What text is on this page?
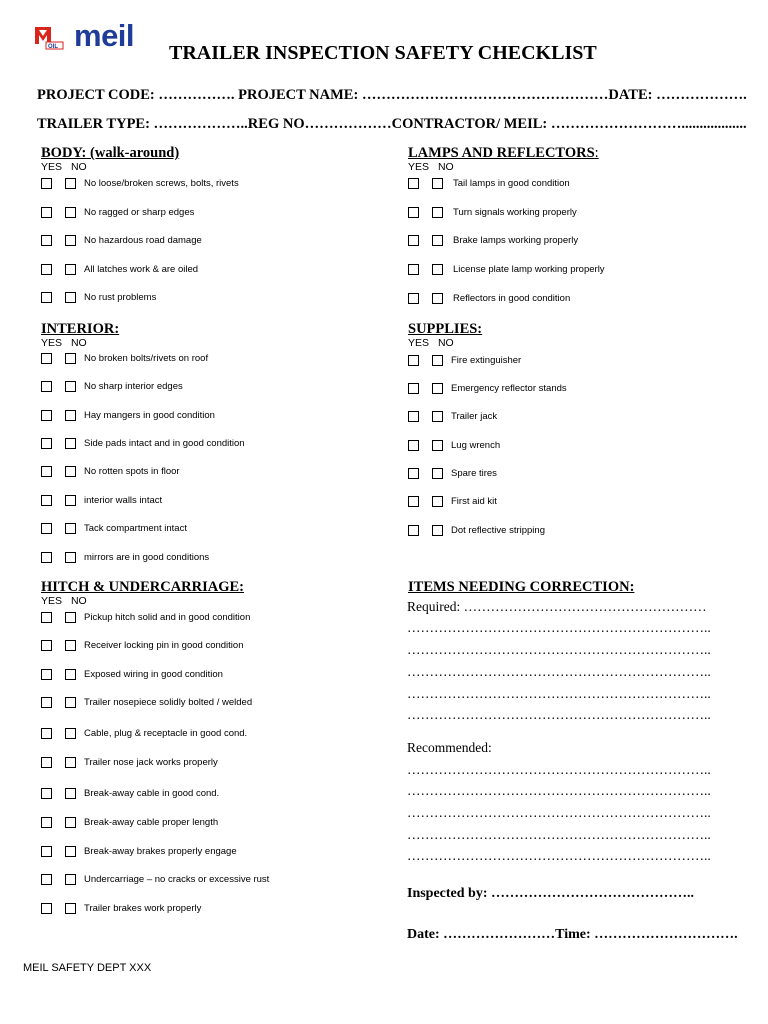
OIL meil TRAILER INSPECTION SAFETY CHECKLIST
PROJECT CODE: ……………. PROJECT NAME: ……………………………………………DATE: ……………….
TRAILER TYPE: ………………..REG NO………………CONTRACTOR/ MEIL: ………………………..................
BODY: (walk-around)
YES NO
INTERIOR:
YES NO
HITCH & UNDERCARRIAGE:
YES NO
LAMPS AND REFLECTORS:
YES NO
SUPPLIES:
YES NO
No loose/broken screws, bolts, rivets
No ragged or sharp edges
No hazardous road damage
All latches work & are oiled
No rust problems
No broken bolts/rivets on roof
No sharp interior edges
Hay mangers in good condition
Side pads intact and in good condition
No rotten spots in floor
interior walls intact
Tack compartment intact
mirrors are in good conditions
Pickup hitch solid and in good condition
Receiver locking pin in good condition
Exposed wiring in good condition
Trailer nosepiece solidly bolted / welded
Cable, plug & receptacle in good cond.
Trailer nose jack works properly
Break-away cable in good cond.
Break-away cable proper length
Break-away brakes properly engage
Undercarriage – no cracks or excessive rust
Trailer brakes work properly
Tail lamps in good condition
Turn signals working properly
Brake lamps working properly
License plate lamp working properly
Reflectors in good condition
Fire extinguisher
Emergency reflector stands
Trailer jack
Lug wrench
Spare tires
First aid kit
Dot reflective stripping
ITEMS NEEDING CORRECTION:
Required: ………………………………………………
…………………………………………………………..
…………………………………………………………..
…………………………………………………………..
…………………………………………………………..
…………………………………………………………..
Recommended:
…………………………………………………………..
…………………………………………………………..
…………………………………………………………..
…………………………………………………………..
…………………………………………………………..
Inspected by: ……………………………………..
Date: ……………………Time: ………………………….
MEIL SAFETY DEPT XXX
